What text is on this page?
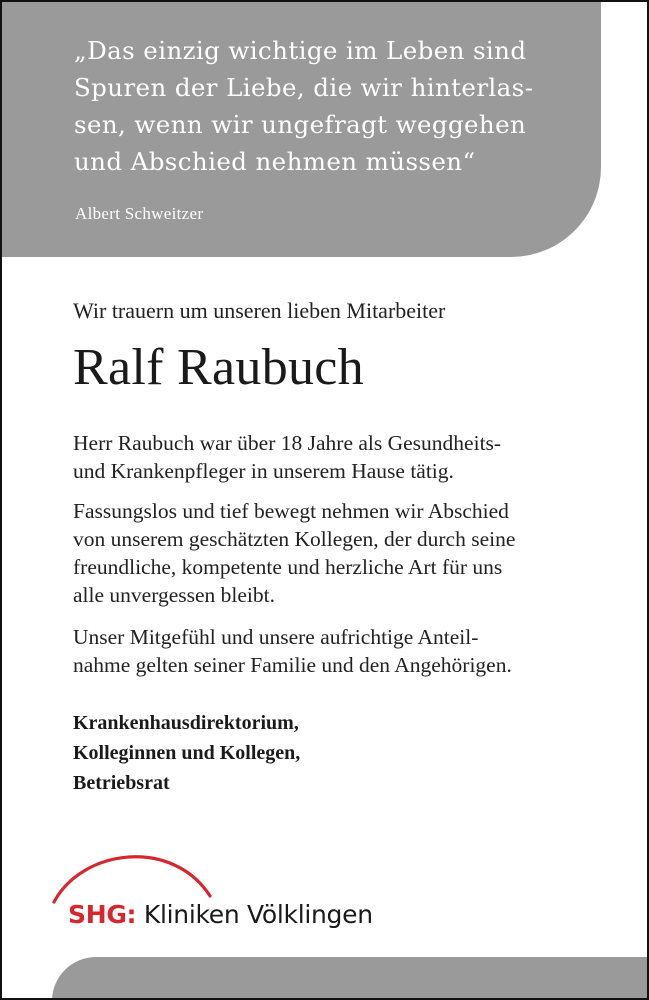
„Das einzig wichtige im Leben sind
Spuren der Liebe, die wir hinterlas-
sen, wenn wir ungefragt weggehen
und Abschied nehmen müssen“
Albert Schweitzer
Wir trauern um unseren lieben Mitarbeiter
Ralf Raubuch
Herr Raubuch war über 18 Jahre als Gesundheits-
und Krankenpfleger in unserem Hause tätig.
Fassungslos und tief bewegt nehmen wir Abschied
von unserem geschätzten Kollegen, der durch seine
freundliche, kompetente und herzliche Art für uns
alle unvergessen bleibt.
Unser Mitgefühl und unsere aufrichtige Anteil-
nahme gelten seiner Familie und den Angehörigen.
Krankenhausdirektorium,
Kolleginnen und Kollegen,
Betriebsrat
SHG: Kliniken Völklingen
